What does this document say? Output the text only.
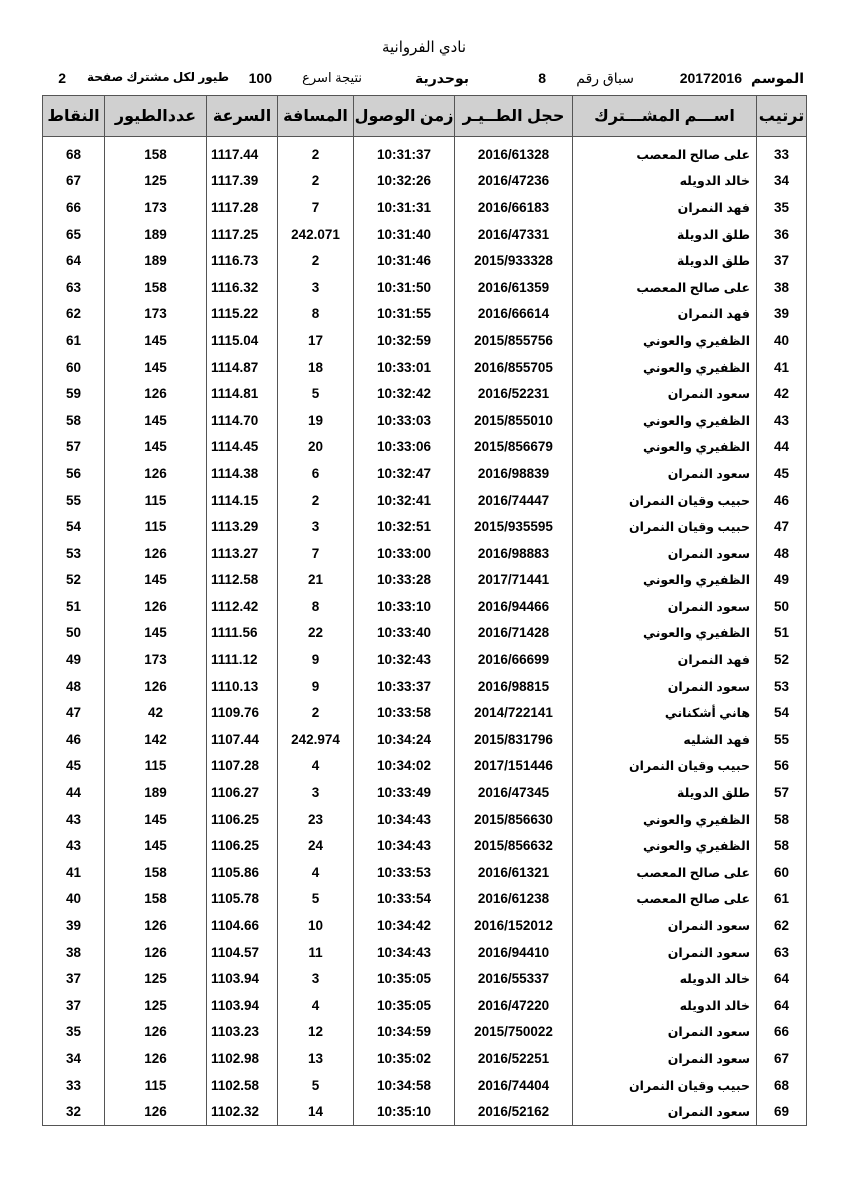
نادي الفروانية
الموسم
20172016
سباق رقم
8
بوحدرية
نتيجة اسرع
100
طيور لكل مشترك صفحة
2
ترتيب	اســـم المشـــترك	حجل الطــيـر	زمن الوصول	المسافة	السرعة	عددالطيور	النقاط

33	على صالح المعصب	2016/61328	10:31:37	2	1117.44	158	68
34	خالد الدويله	2016/47236	10:32:26	2	1117.39	125	67
35	فهد النمران	2016/66183	10:31:31	7	1117.28	173	66
36	طلق الدويلة	2016/47331	10:31:40	242.071	1117.25	189	65
37	طلق الدويلة	2015/933328	10:31:46	2	1116.73	189	64
38	على صالح المعصب	2016/61359	10:31:50	3	1116.32	158	63
39	فهد النمران	2016/66614	10:31:55	8	1115.22	173	62
40	الظفيري والعوني	2015/855756	10:32:59	17	1115.04	145	61
41	الظفيري والعوني	2016/855705	10:33:01	18	1114.87	145	60
42	سعود النمران	2016/52231	10:32:42	5	1114.81	126	59
43	الظفيري والعوني	2015/855010	10:33:03	19	1114.70	145	58
44	الظفيري والعوني	2015/856679	10:33:06	20	1114.45	145	57
45	سعود النمران	2016/98839	10:32:47	6	1114.38	126	56
46	حبيب وقيان النمران	2016/74447	10:32:41	2	1114.15	115	55
47	حبيب وقيان النمران	2015/935595	10:32:51	3	1113.29	115	54
48	سعود النمران	2016/98883	10:33:00	7	1113.27	126	53
49	الظفيري والعوني	2017/71441	10:33:28	21	1112.58	145	52
50	سعود النمران	2016/94466	10:33:10	8	1112.42	126	51
51	الظفيري والعوني	2016/71428	10:33:40	22	1111.56	145	50
52	فهد النمران	2016/66699	10:32:43	9	1111.12	173	49
53	سعود النمران	2016/98815	10:33:37	9	1110.13	126	48
54	هاني أشكناني	2014/722141	10:33:58	2	1109.76	42	47
55	فهد الشليه	2015/831796	10:34:24	242.974	1107.44	142	46
56	حبيب وقيان النمران	2017/151446	10:34:02	4	1107.28	115	45
57	طلق الدويلة	2016/47345	10:33:49	3	1106.27	189	44
58	الظفيري والعوني	2015/856630	10:34:43	23	1106.25	145	43
58	الظفيري والعوني	2015/856632	10:34:43	24	1106.25	145	43
60	على صالح المعصب	2016/61321	10:33:53	4	1105.86	158	41
61	على صالح المعصب	2016/61238	10:33:54	5	1105.78	158	40
62	سعود النمران	2016/152012	10:34:42	10	1104.66	126	39
63	سعود النمران	2016/94410	10:34:43	11	1104.57	126	38
64	خالد الدويله	2016/55337	10:35:05	3	1103.94	125	37
64	خالد الدويله	2016/47220	10:35:05	4	1103.94	125	37
66	سعود النمران	2015/750022	10:34:59	12	1103.23	126	35
67	سعود النمران	2016/52251	10:35:02	13	1102.98	126	34
68	حبيب وقيان النمران	2016/74404	10:34:58	5	1102.58	115	33
69	سعود النمران	2016/52162	10:35:10	14	1102.32	126	32
